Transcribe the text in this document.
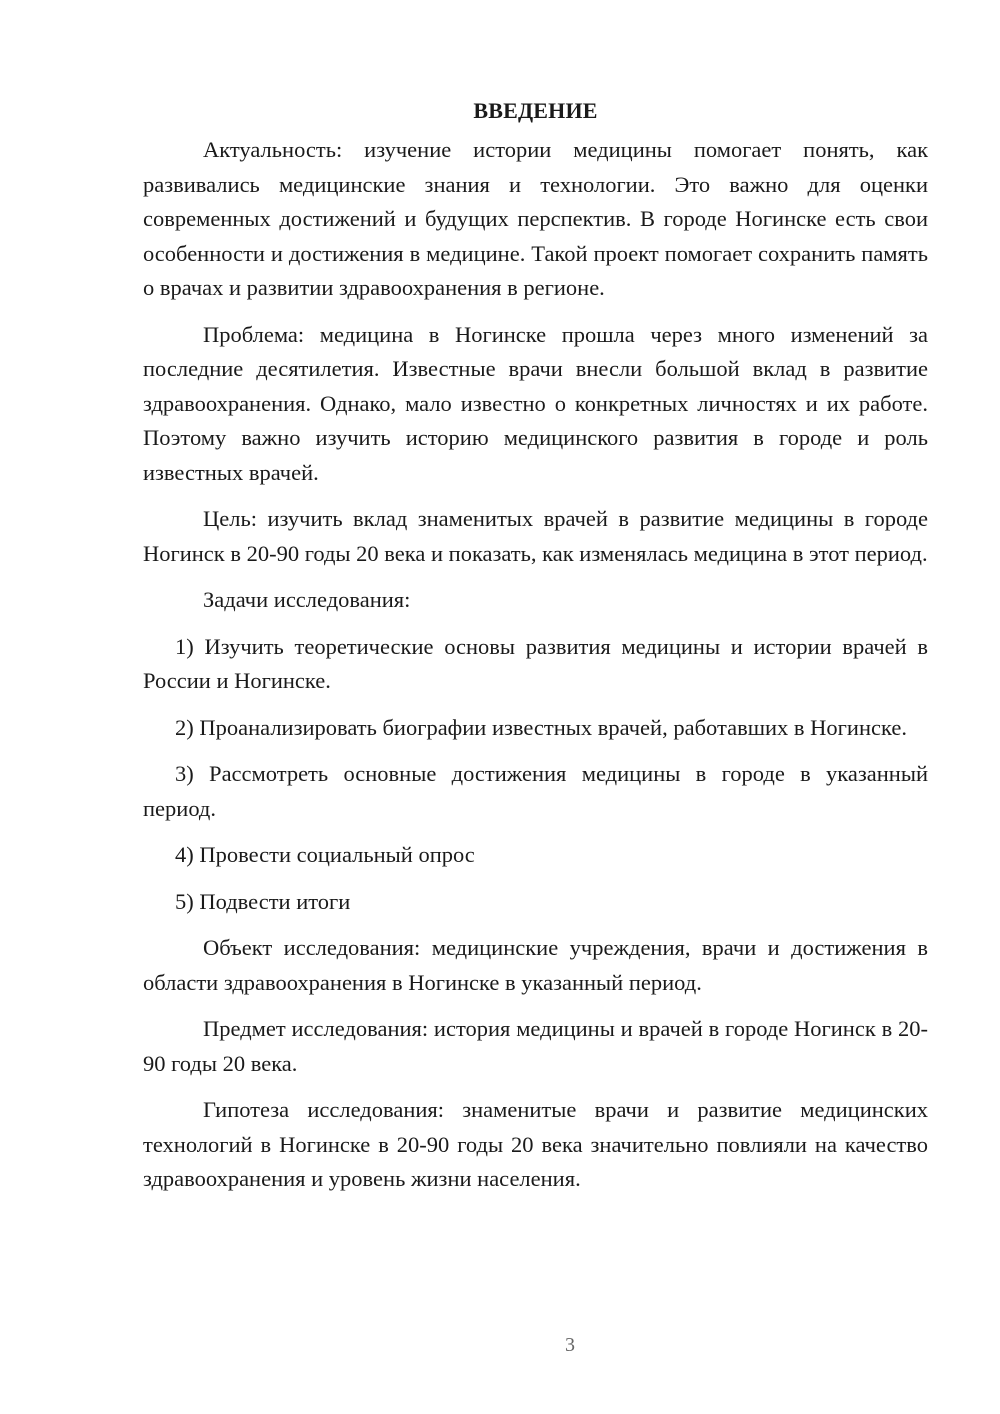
ВВЕДЕНИЕ

Актуальность: изучение истории медицины помогает понять, как развивались медицинские знания и технологии. Это важно для оценки современных достижений и будущих перспектив. В городе Ногинске есть свои особенности и достижения в медицине. Такой проект помогает сохранить память о врачах и развитии здравоохранения в регионе.

Проблема: медицина в Ногинске прошла через много изменений за последние десятилетия. Известные врачи внесли большой вклад в развитие здравоохранения. Однако, мало известно о конкретных личностях и их работе. Поэтому важно изучить историю медицинского развития в городе и роль известных врачей.

Цель: изучить вклад знаменитых врачей в развитие медицины в городе Ногинск в 20-90 годы 20 века и показать, как изменялась медицина в этот период.

Задачи исследования:

1) Изучить теоретические основы развития медицины и истории врачей в России и Ногинске.

2) Проанализировать биографии известных врачей, работавших в Ногинске.

3) Рассмотреть основные достижения медицины в городе в указанный период.

4) Провести социальный опрос

5) Подвести итоги

Объект исследования: медицинские учреждения, врачи и достижения в области здравоохранения в Ногинске в указанный период.

Предмет исследования: история медицины и врачей в городе Ногинск в 20-90 годы 20 века.

Гипотеза исследования: знаменитые врачи и развитие медицинских технологий в Ногинске в 20-90 годы 20 века значительно повлияли на качество здравоохранения и уровень жизни населения.

3
